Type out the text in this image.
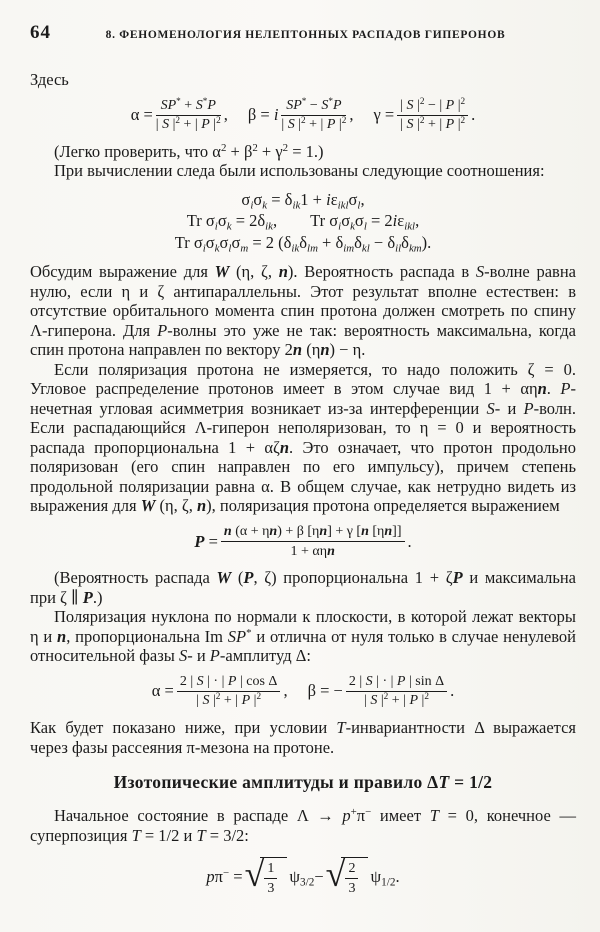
64	8. ФЕНОМЕНОЛОГИЯ НЕЛЕПТОННЫХ РАСПАДОВ ГИПЕРОНОВ

Здесь

$\alpha = \frac{SP^* + S^*P}{| S |^2 + | P |^2}$ , β = i $\frac{SP^* - S^*P}{| S |^2 + | P |^2}$ , $\gamma = \frac{| S |^2 - | P |^2}{| S |^2 + | P |^2}$ .

(Легко проверить, что $\alpha^2 + \beta^2 + \gamma^2 = 1$.)

При вычислении следа были использованы следующие соотношения:

$\sigma_i\sigma_k = \delta_{ik}1 + i\varepsilon_{ikl}\sigma_l$,
Tr $\sigma_i\sigma_k = 2\delta_{ik}$,  Tr $\sigma_i\sigma_k\sigma_l = 2i\varepsilon_{ikl}$,
Tr $\sigma_i\sigma_k\sigma_l\sigma_m = 2$ $(\delta_{ik}\delta_{lm} + \delta_{im}\delta_{kl} - \delta_{il}\delta_{km})$.

Обсудим выражение для W (η, ζ, n). Вероятность распада в S-волне равна нулю, если η и ζ антипараллельны. Этот результат вполне естествен: в отсутствие орбитального момента спин протона должен смотреть по спину Λ-гиперона. Для P-волны это уже не так: вероятность максимальна, когда спин протона направлен по вектору 2n (ηn) − η.

Если поляризация протона не измеряется, то надо положить ζ = 0. Угловое распределение протонов имеет в этом случае вид 1 + αηn. P-нечетная угловая асимметрия возникает из-за интерференции S- и P-волн. Если распадающийся Λ-гиперон неполяризован, то η = 0 и вероятность распада пропорциональна 1 + αζn. Это означает, что протон продольно поляризован (его спин направлен по его импульсу), причем степень продольной поляризации равна α. В общем случае, как нетрудно видеть из выражения для W (η, ζ, n), поляризация протона определяется выражением

$P = \frac{n (\alpha + \eta n) + \beta [\eta n] + \gamma [n [\eta n]]}{\text{1 + αηn}}$ .

(Вероятность распада W (P, ζ) пропорциональна 1 + ζP и максимальна при ζ ∥ P.)

Поляризация нуклона по нормали к плоскости, в которой лежат векторы η и n, пропорциональна Im SP* и отлична от нуля только в случае ненулевой относительной фазы S- и P-амплитуд Δ:

$\alpha = \frac{\text{2 | S | · | P | cos Δ}}{| S |^2 + | P |^2}$ , β = − $\frac{\text{2 | S | · | P | sin Δ}}{| S |^2 + | P |^2}$ .

Как будет показано ниже, при условии T-инвариантности Δ выражается через фазы рассеяния π-мезона на протоне.

Изотопические амплитуды и правило ΔT = 1/2

Начальное состояние в распаде Λ → p+π− имеет T = 0, конечное — суперпозиция T = 1/2 и T = 3/2:

pπ− = √ $\frac{1}{3} \psi_{3/2}$ − √ $\frac{2}{3} \psi_{1/2}$ .
